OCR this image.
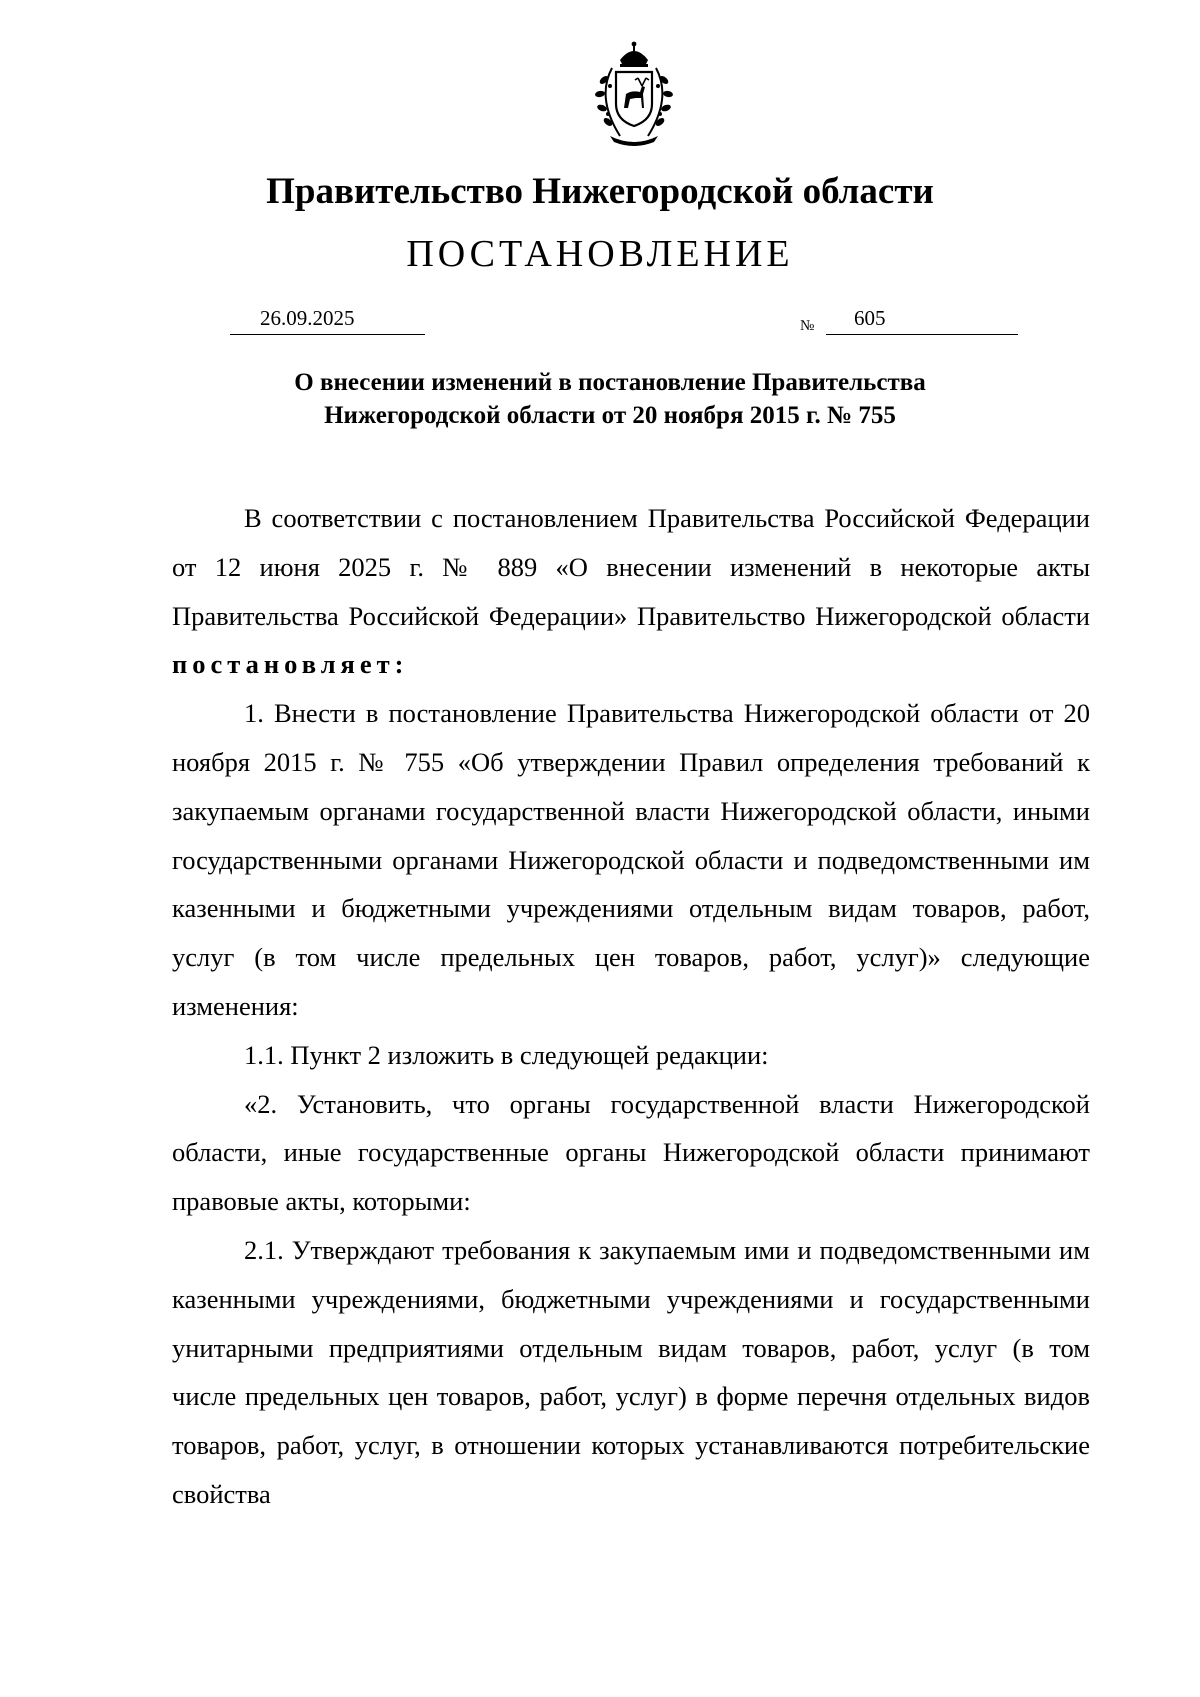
Правительство Нижегородской области
ПОСТАНОВЛЕНИЕ
26.09.2025	№ 605
О внесении изменений в постановление Правительства
Нижегородской области от 20 ноября 2015 г. № 755

В соответствии с постановлением Правительства Российской Федерации от 12 июня 2025 г. № 889 «О внесении изменений в некоторые акты Правительства Российской Федерации» Правительство Нижегородской области постановляет:

1. Внести в постановление Правительства Нижегородской области от 20 ноября 2015 г. № 755 «Об утверждении Правил определения требований к закупаемым органами государственной власти Нижегородской области, иными государственными органами Нижегородской области и подведомственными им казенными и бюджетными учреждениями отдельным видам товаров, работ, услуг (в том числе предельных цен товаров, работ, услуг)» следующие изменения:

1.1. Пункт 2 изложить в следующей редакции:

«2. Установить, что органы государственной власти Нижегородской области, иные государственные органы Нижегородской области принимают правовые акты, которыми:

2.1. Утверждают требования к закупаемым ими и подведомственными им казенными учреждениями, бюджетными учреждениями и государственными унитарными предприятиями отдельным видам товаров, работ, услуг (в том числе предельных цен товаров, работ, услуг) в форме перечня отдельных видов товаров, работ, услуг, в отношении которых устанавливаются потребительские свойства
